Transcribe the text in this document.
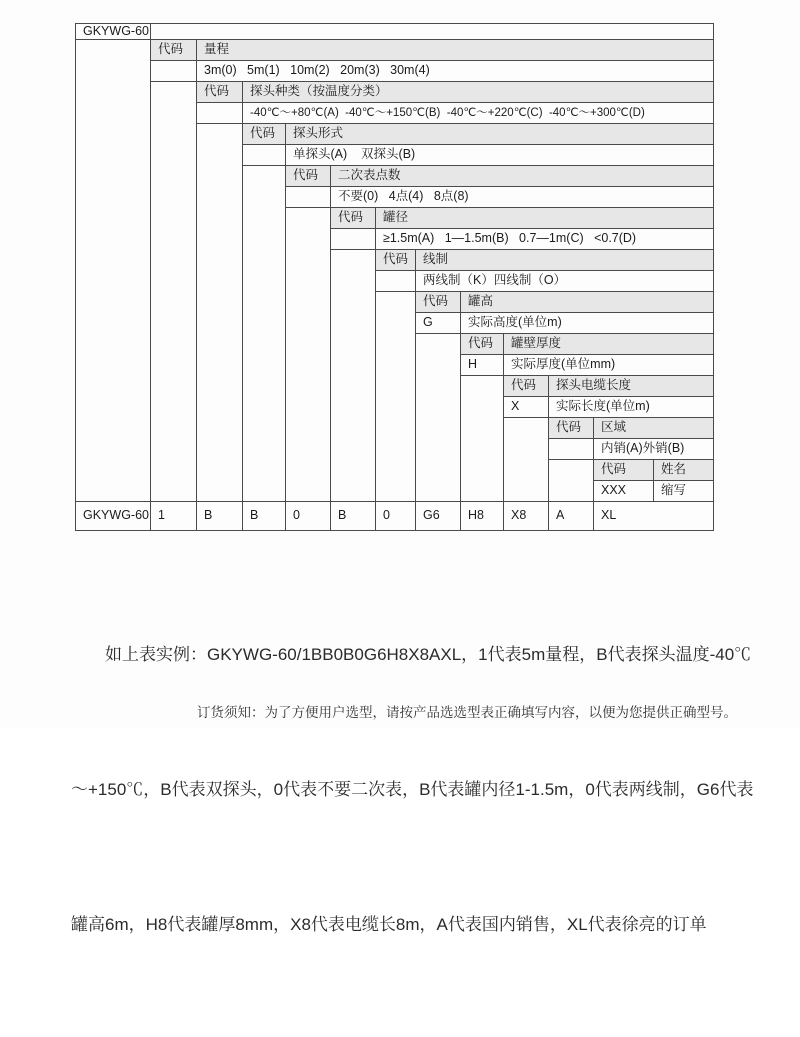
GKYWG-60												
	代码	量程										
		3m(0)   5m(1)   10m(2)   20m(3)   30m(4)										
		代码	探头种类（按温度分类）									
			-40℃～+80℃(A)  -40℃～+150℃(B)  -40℃～+220℃(C)  -40℃～+300℃(D)									
			代码	探头形式								
				单探头(A)    双探头(B)								
				代码	二次表点数							
					不要(0)   4点(4)   8点(8)							
					代码	罐径						
						≥1.5m(A)   1—1.5m(B)   0.7—1m(C)   <0.7(D)						
						代码	线制					
							两线制（K）四线制（O）					
							代码	罐高				
							G	实际高度(单位m)				
								代码	罐壁厚度			
								H	实际厚度(单位mm)			
									代码	探头电缆长度		
									X	实际长度(单位m)		
										代码	区域	
											内销(A)外销(B)	
											代码	姓名
											XXX	缩写
GKYWG-60	1	B	B	0	B	0	G6	H8	X8	A	XL	

如上表实例：GKYWG-60/1BB0B0G6H8X8AXL，1代表5m量程，B代表探头温度-40℃

～+150℃，B代表双探头，0代表不要二次表，B代表罐内径1-1.5m，0代表两线制，G6代表

罐高6m，H8代表罐厚8mm，X8代表电缆长8m，A代表国内销售，XL代表徐亮的订单

订货须知：为了方便用户选型，请按产品选选型表正确填写内容，以便为您提供正确型号。
